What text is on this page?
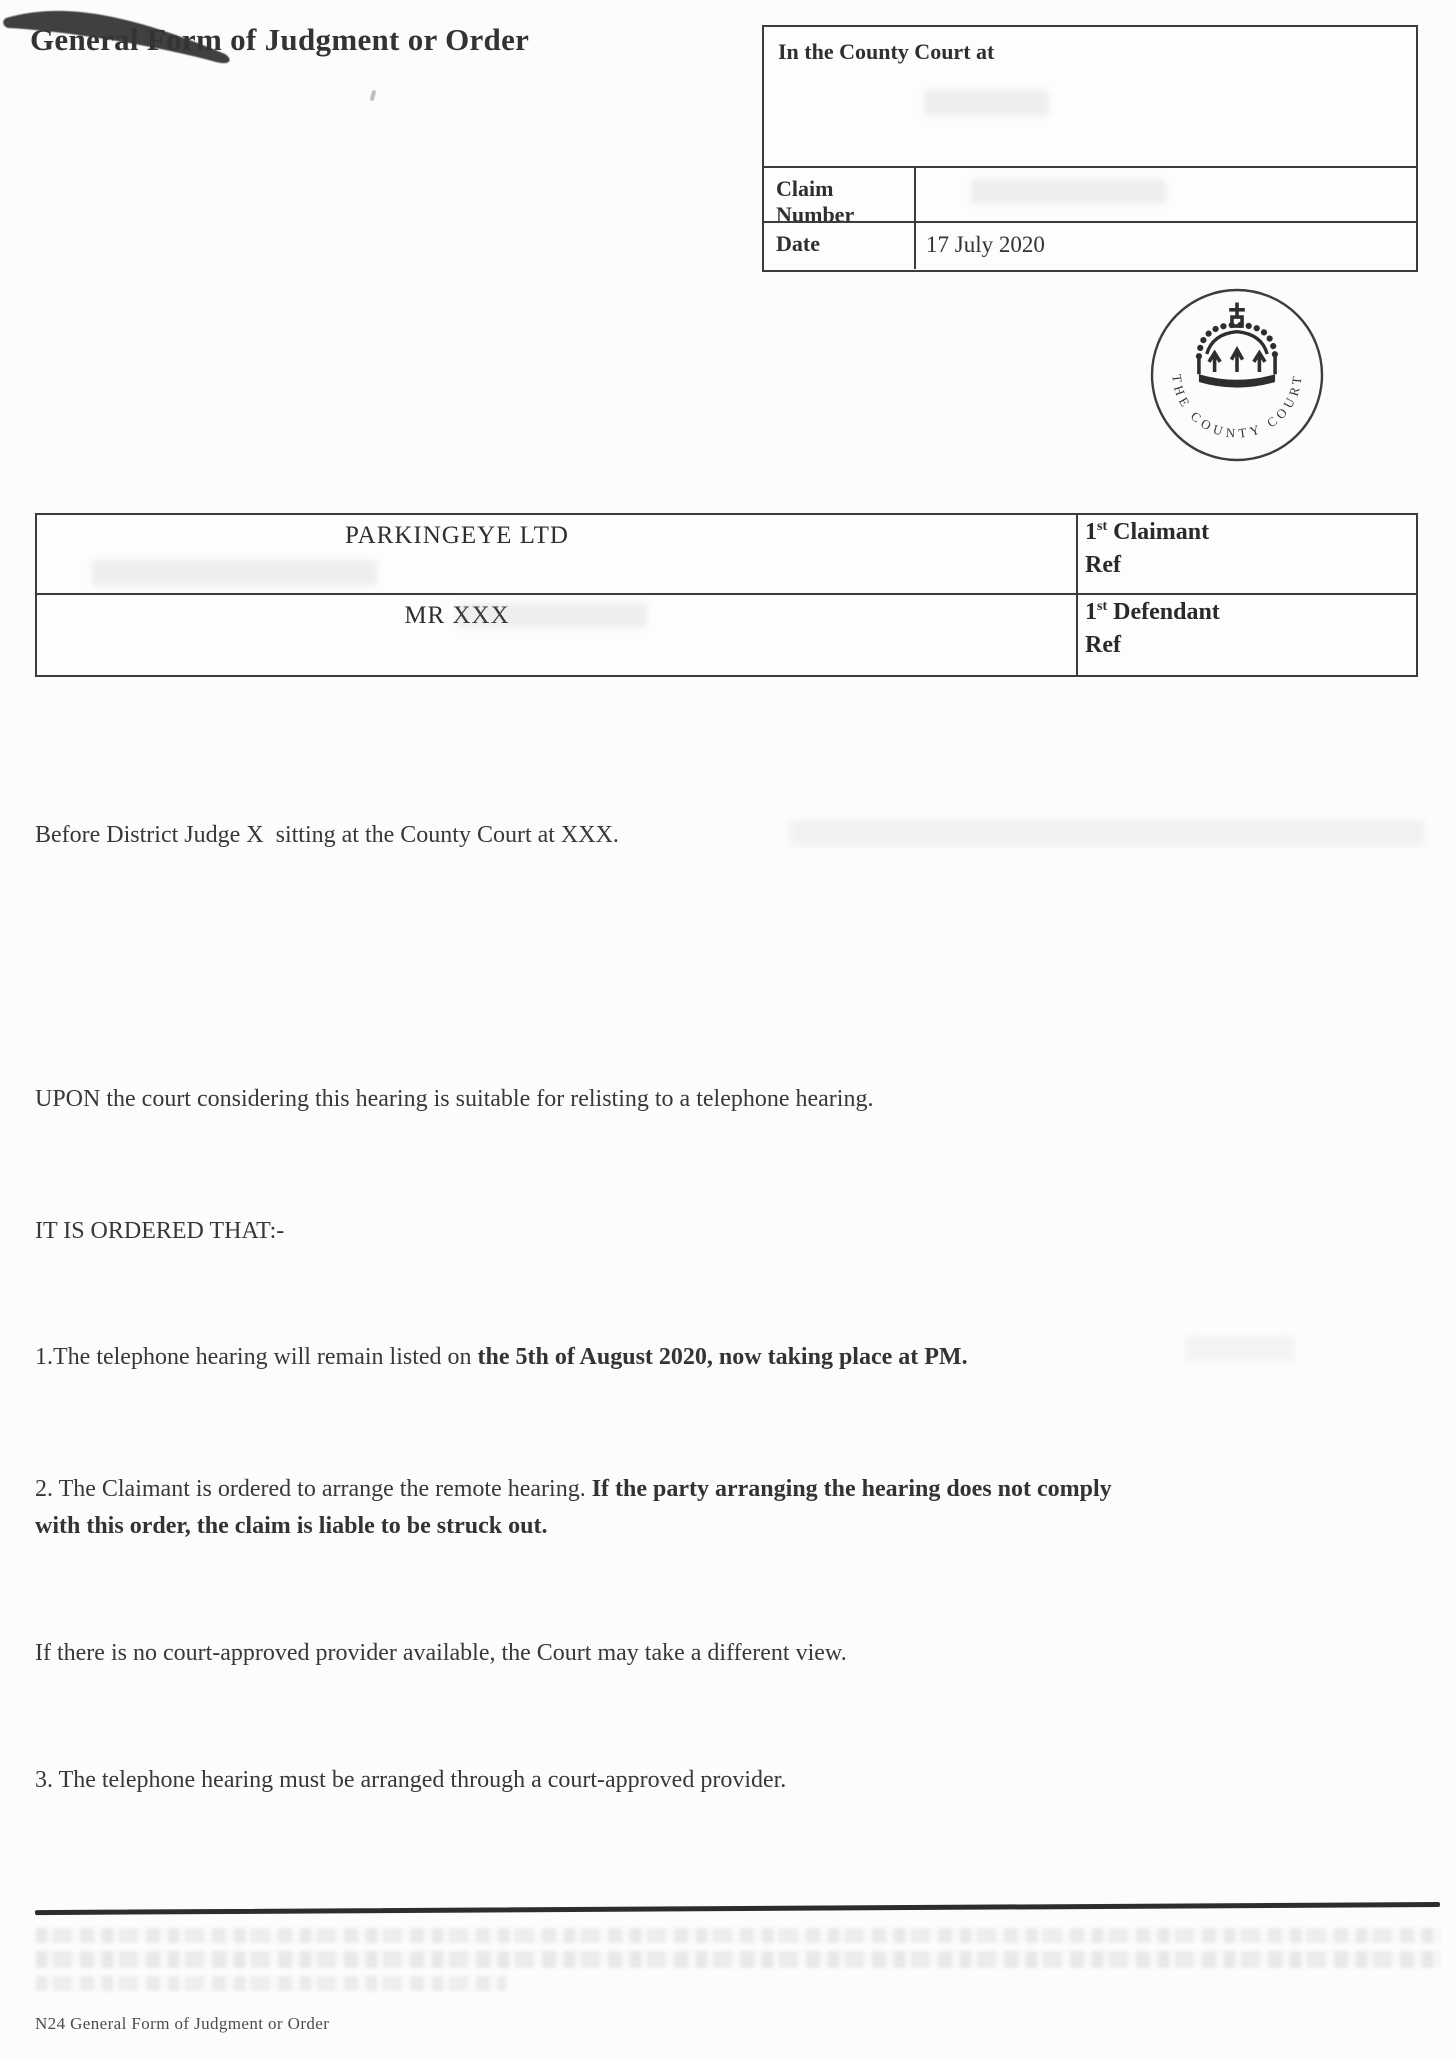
General Form of Judgment or Order	In the County Court at
Claim Number
Date	17 July 2020
THE COUNTY COURT
PARKINGEYE LTD	1st Claimant
Ref
MR XXX	1st Defendant
Ref

Before District Judge X  sitting at the County Court at XXX.

UPON the court considering this hearing is suitable for relisting to a telephone hearing.

IT IS ORDERED THAT:-

1.The telephone hearing will remain listed on the 5th of August 2020, now taking place at PM.

2. The Claimant is ordered to arrange the remote hearing. If the party arranging the hearing does not comply
with this order, the claim is liable to be struck out.

If there is no court-approved provider available, the Court may take a different view.

3. The telephone hearing must be arranged through a court-approved provider.

N24 General Form of Judgment or Order
